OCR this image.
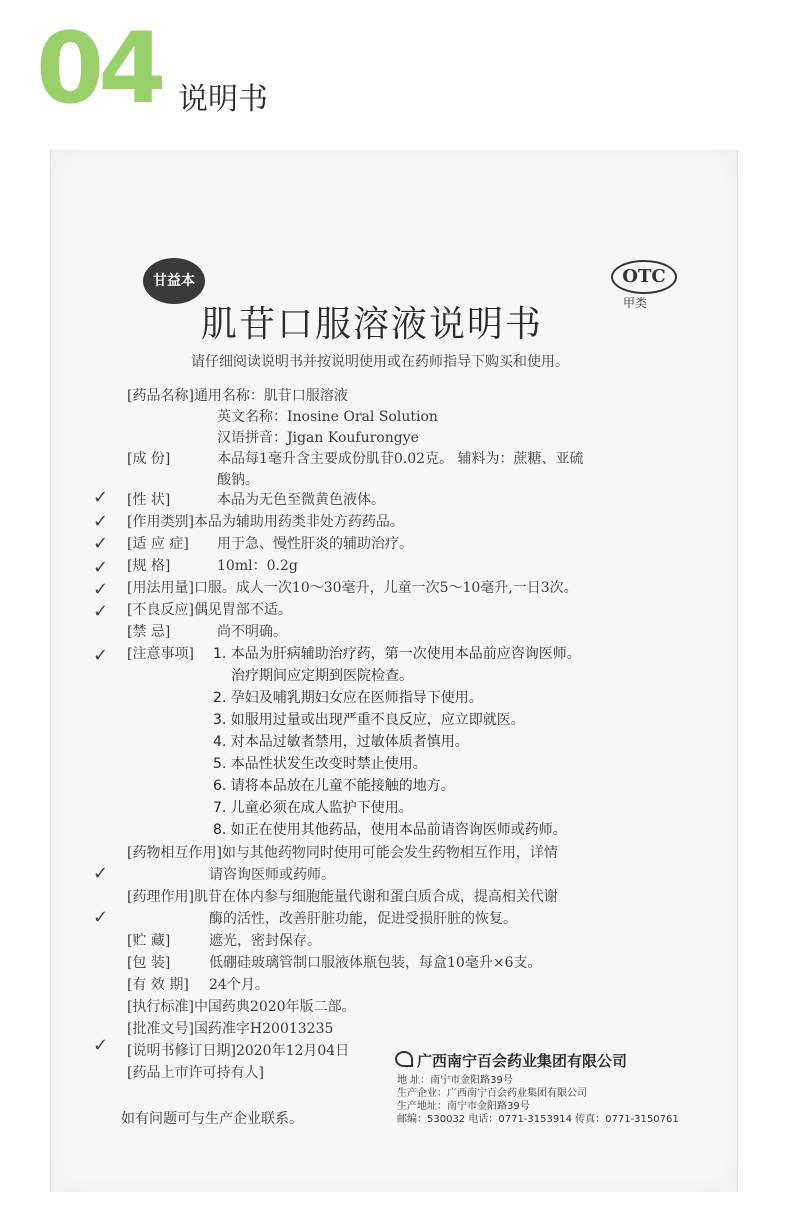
04 说明书
甘益本	OTC
甲类
肌苷口服溶液说明书
请仔细阅读说明书并按说明使用或在药师指导下购买和使用。
✓
✓
✓
✓
✓
✓
✓
✓
✓
✓
[药品名称]通用名称：肌苷口服溶液
英文名称：Inosine Oral Solution
汉语拼音：Jigan Koufurongye
[成 份]	本品每1毫升含主要成份肌苷0.02克。 辅料为：蔗糖、亚硫
酸钠。
[性 状]	本品为无色至微黄色液体。
[作用类别]本品为辅助用药类非处方药药品。
[适 应 症] 用于急、慢性肝炎的辅助治疗。
[规 格]	10ml：0.2g
[用法用量]口服。成人一次10～30毫升，儿童一次5～10毫升,一日3次。
[不良反应]偶见胃部不适。
[禁 忌]	尚不明确。
[注意事项] 1. 本品为肝病辅助治疗药，第一次使用本品前应咨询医师。
治疗期间应定期到医院检查。
2. 孕妇及哺乳期妇女应在医师指导下使用。
3. 如服用过量或出现严重不良反应，应立即就医。
4. 对本品过敏者禁用，过敏体质者慎用。
5. 本品性状发生改变时禁止使用。
6. 请将本品放在儿童不能接触的地方。
7. 儿童必须在成人监护下使用。
8. 如正在使用其他药品，使用本品前请咨询医师或药师。
[药物相互作用]如与其他药物同时使用可能会发生药物相互作用，详情
请咨询医师或药师。
[药理作用]肌苷在体内参与细胞能量代谢和蛋白质合成，提高相关代谢
酶的活性，改善肝脏功能，促进受损肝脏的恢复。
[贮 藏]	遮光，密封保存。
[包 装]	低硼硅玻璃管制口服液体瓶包装，每盒10毫升×6支。
[有 效 期] 24个月。
[执行标准]中国药典2020年版二部。
[批准文号]国药准字H20013235
[说明书修订日期]2020年12月04日
[药品上市许可持有人]
广西南宁百会药业集团有限公司
地 址：南宁市金阳路39号
生产企业：广西南宁百会药业集团有限公司
生产地址：南宁市金阳路39号
邮编：530032 电话：0771-3153914 传真：0771-3150761
如有问题可与生产企业联系。
